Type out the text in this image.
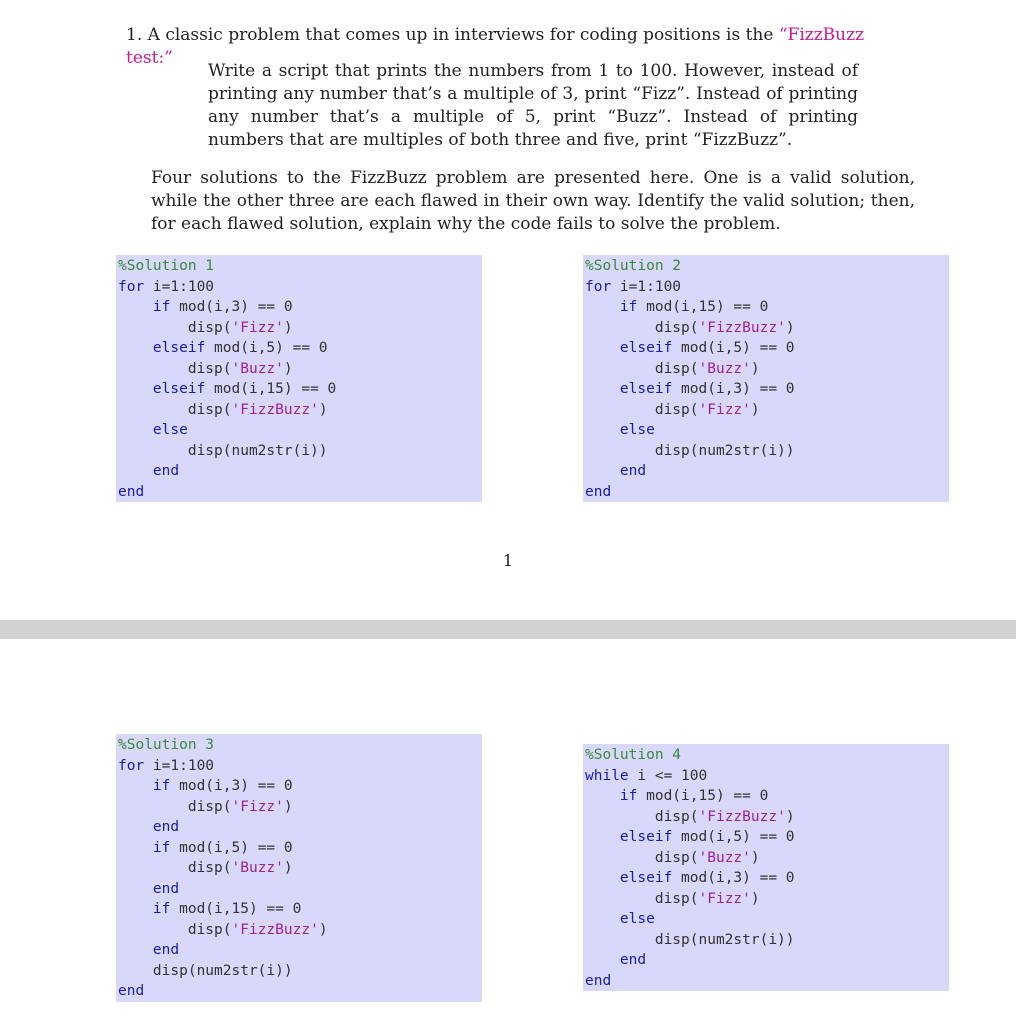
1. A classic problem that comes up in interviews for coding positions is the “FizzBuzz test:”
Write a script that prints the numbers from 1 to 100. However, instead of printing any number that’s a multiple of 3, print “Fizz”. Instead of printing any number that’s a multiple of 5, print “Buzz”. Instead of printing numbers that are multiples of both three and five, print “FizzBuzz”.
Four solutions to the FizzBuzz problem are presented here. One is a valid solution, while the other three are each flawed in their own way. Identify the valid solution; then, for each flawed solution, explain why the code fails to solve the problem.
%Solution 1
for i=1:100
if mod(i,3) == 0
disp('Fizz')
elseif mod(i,5) == 0
disp('Buzz')
elseif mod(i,15) == 0
disp('FizzBuzz')
else
disp(num2str(i))
end
end
%Solution 2
for i=1:100
if mod(i,15) == 0
disp('FizzBuzz')
elseif mod(i,5) == 0
disp('Buzz')
elseif mod(i,3) == 0
disp('Fizz')
else
disp(num2str(i))
end
end
1
%Solution 3
for i=1:100
if mod(i,3) == 0
disp('Fizz')
end
if mod(i,5) == 0
disp('Buzz')
end
if mod(i,15) == 0
disp('FizzBuzz')
end
disp(num2str(i))
end
%Solution 4
while i <= 100
if mod(i,15) == 0
disp('FizzBuzz')
elseif mod(i,5) == 0
disp('Buzz')
elseif mod(i,3) == 0
disp('Fizz')
else
disp(num2str(i))
end
end
